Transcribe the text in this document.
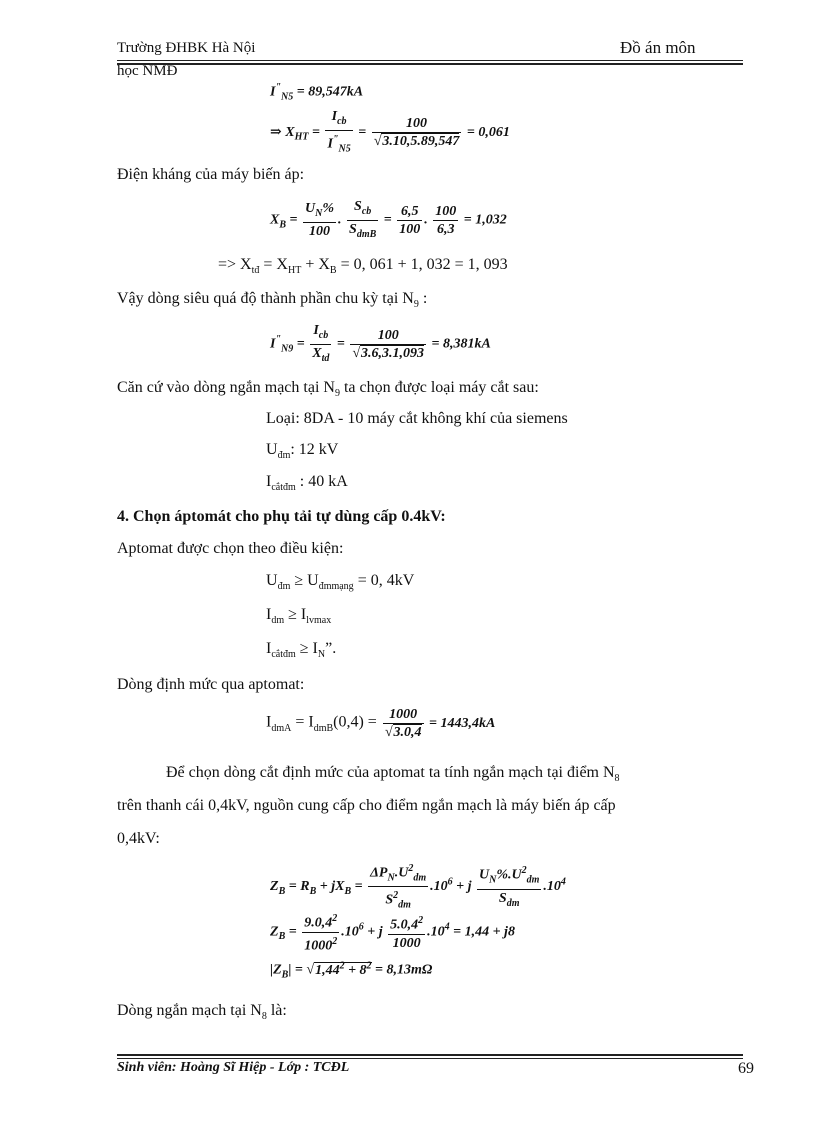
Trường ĐHBK Hà Nội	Đồ án môn
học NMĐ
$I^"_{N5} = 89,547kA$
⇒ $X_{HT} = \frac{I_{cb}}{I^"_{N5}} = \frac{100}{√3.10,5.89,547} = 0,061$
Điện kháng của máy biến áp:
$X_B = \frac{U_N\%}{100}$ . $\frac{S_{cb}}{S_{dmB}} = \frac{6,5}{100}$ . $\frac{100}{6,3} = 1,032$
=> $X_{tđ} = X_{HT} + X_B = 0$, 061 + 1, 032 = 1, 093
Vậy dòng siêu quá độ thành phần chu kỳ tại $N_9$ :
$I^"_{N9} = \frac{I_{cb}}{X_{td}} = \frac{100}{√3.6,3.1,093} = 8,381kA$
Căn cứ vào dòng ngắn mạch tại $N_9$ ta chọn được loại máy cắt sau:
Loại: 8DA - 10 máy cắt không khí của siemens
$U_{đm}$: 12 kV
$I_{cắtđm}$ : 40 kA
4. Chọn áptomát cho phụ tải tự dùng cấp 0.4kV:
Aptomat được chọn theo điều kiện:
$U_{đm} \ge U_{đmmạng} = 0$, 4kV
$I_{dm} \ge I_{lvmax}$
$I_{cắtđm} \ge I_N$”.
Dòng định mức qua aptomat:
$I_{dmA} = I_{dmB}(0,4) = \frac{1000}{√3.0,4} = 1443,4kA$
Để chọn dòng cắt định mức của aptomat ta tính ngắn mạch tại điểm $N_8$
trên thanh cái 0,4kV, nguồn cung cấp cho điểm ngắn mạch là máy biến áp cấp
0,4kV:
$Z_B = R_B + jX_B = \frac{\Delta P_N.U^2_{dm}}{S^2_{dm}} .10^6 + j \frac{U_N\%.U^2_{dm}}{S_{dm}} .10^4$
$Z_B = \frac{9.0,4^2}{1000^2} .10^6 + j \frac{5.0,4^2}{1000} .10^4 = 1,44 + j8$
$|Z_B| = √1,44^2 + 8^2 = 8,13m\Omega$
Dòng ngắn mạch tại $N_8$ là:
Sinh viên: Hoàng Sĩ Hiệp - Lớp : TCĐL	69
